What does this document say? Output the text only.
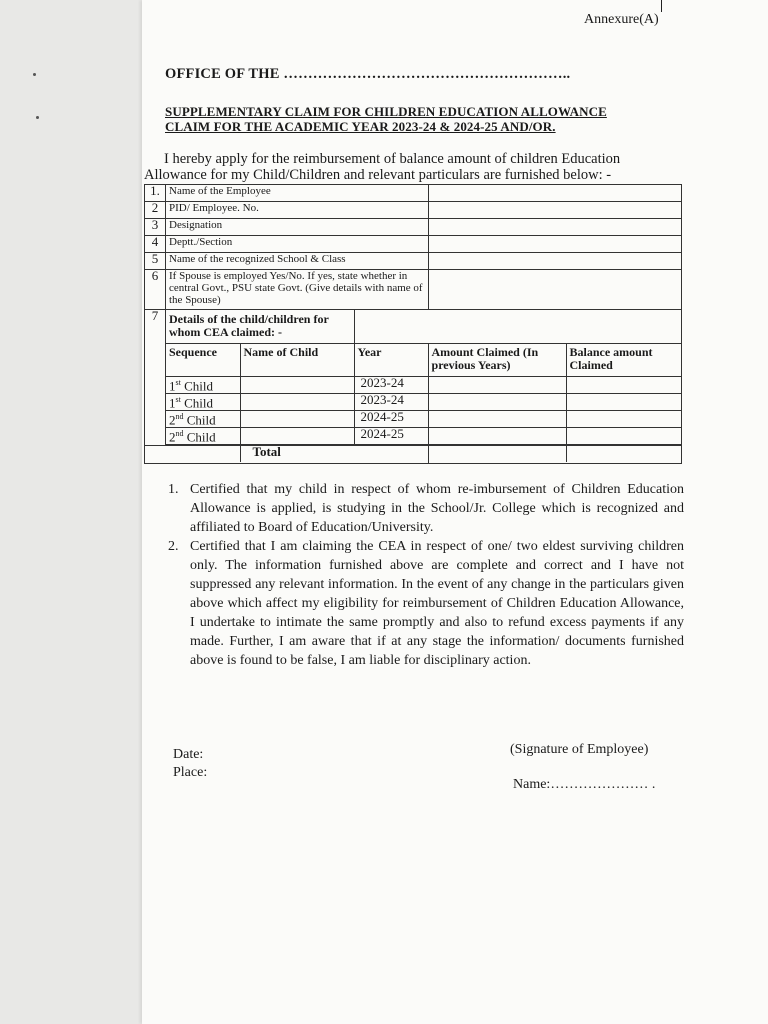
Annexure(A)
OFFICE OF THE …………………………………………………..
SUPPLEMENTARY CLAIM FOR CHILDREN EDUCATION ALLOWANCE
CLAIM FOR THE ACADEMIC YEAR 2023-24 & 2024-25 AND/OR.
I hereby apply for the reimbursement of balance amount of children Education
Allowance for my Child/Children and relevant particulars are furnished below: -
1.	Name of the Employee	
2	PID/ Employee. No.	
3	Designation	
4	Deptt./Section	
5	Name of the recognized School & Class	
6	If Spouse is employed Yes/No. If yes, state whether in central Govt., PSU state Govt. (Give details with name of the Spouse)	
7	Details of the child/children for whom CEA claimed: -	
Sequence	Name of Child	Year	Amount Claimed (In previous Years)	Balance amount Claimed
1st Child		2023-24		
1st Child		2023-24		
2nd Child		2024-25		
2nd Child		2024-25		

	Total

1. Certified that my child in respect of whom re-imbursement of Children Education Allowance is applied, is studying in the School/Jr. College which is recognized and affiliated to Board of Education/University.
2. Certified that I am claiming the CEA in respect of one/ two eldest surviving children only. The information furnished above are complete and correct and I have not suppressed any relevant information. In the event of any change in the particulars given above which affect my eligibility for reimbursement of Children Education Allowance, I undertake to intimate the same promptly and also to refund excess payments if any made. Further, I am aware that if at any stage the information/ documents furnished above is found to be false, I am liable for disciplinary action.
Date:
Place:
(Signature of Employee)
Name:………………… .
